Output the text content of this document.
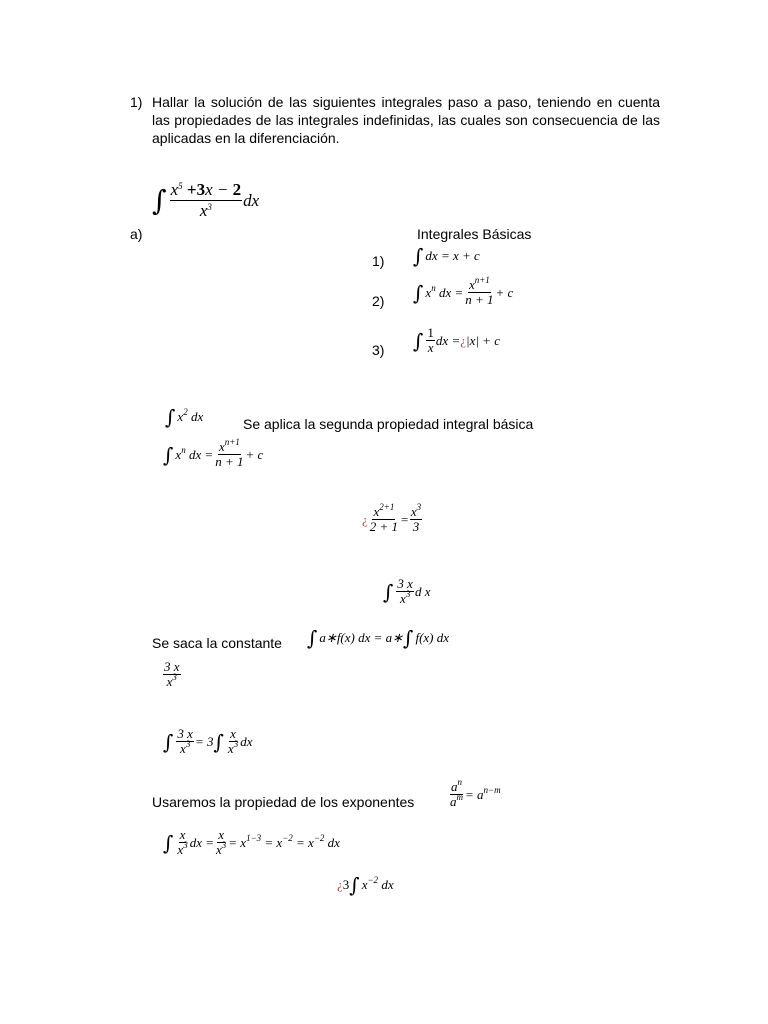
1) Hallar la solución de las siguientes integrales paso a paso, teniendo en cuenta las propiedades de las integrales indefinidas, las cuales son consecuencia de las aplicadas en la diferenciación.
∫ $\frac{x^5 +3x - 2}{x^3}$ dx
a)	Integrales Básicas
1) ∫ dx = x + c
2) ∫ $x^n$ dx = $\frac{x^{n+1}}{n + 1} + c$
3) ∫ $\frac{1}{x}$ dx = ¿ |x| + c
∫ $x^2$ dx	Se aplica la segunda propiedad integral básica
∫ $x^n$ dx = $\frac{x^{n+1}}{n + 1} + c$
¿ $\frac{x^{2+1}}{2 + 1} = \frac{x^3}{3}$
∫ $\frac{3 x}{x^3}$ d x
Se saca la constante ∫ a∗f(x) dx = a∗ ∫ f(x) dx
$\frac{3 x}{x^3}$
∫ $\frac{3 x}{x^3} = 3$ ∫ $\frac{x}{x^3}$ dx
Usaremos la propiedad de los exponentes	$\frac{a^n}{a^m} = a^{n-m}$
∫ $\frac{x}{x^3}$ dx = $\frac{x}{x^3} = x^{1-3} = x^{-2} = x^{-2}$ dx
¿ 3 ∫ $x^{-2}$ dx
